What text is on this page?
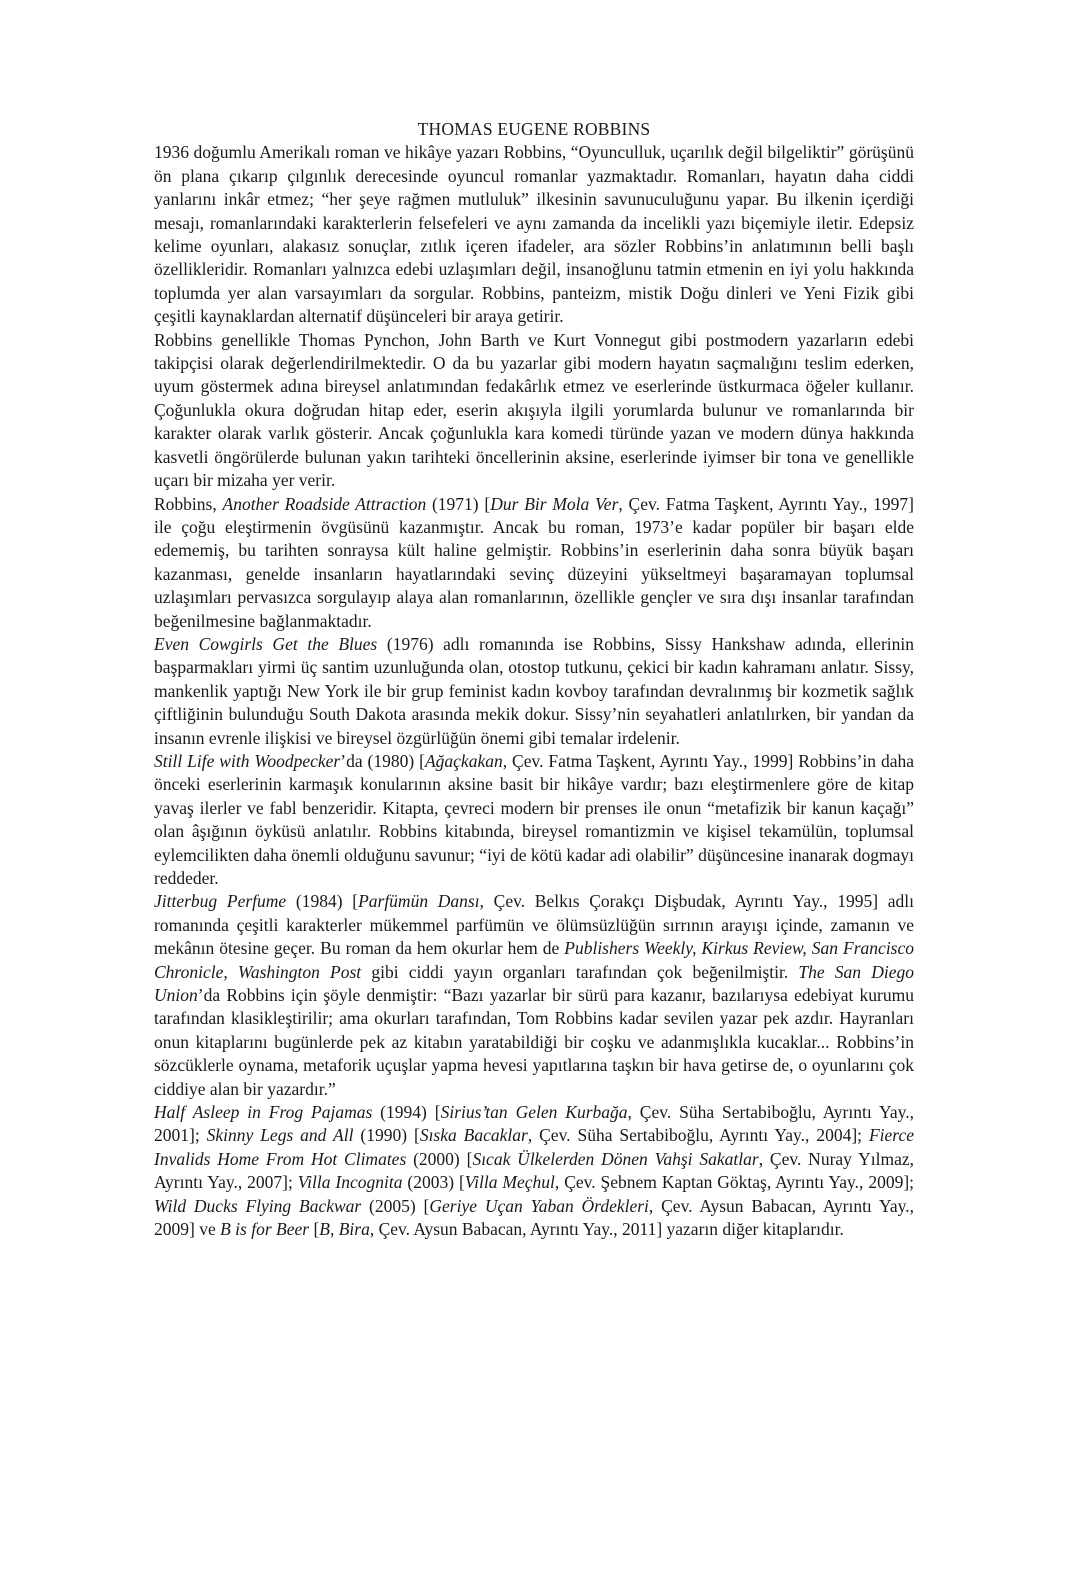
THOMAS EUGENE ROBBINS

1936 doğumlu Amerikalı roman ve hikâye yazarı Robbins, “Oyunculluk, uçarılık değil bilgeliktir” görüşünü ön plana çıkarıp çılgınlık derecesinde oyuncul romanlar yazmaktadır. Romanları, hayatın daha ciddi yanlarını inkâr etmez; “her şeye rağmen mutluluk” ilkesinin savunuculuğunu yapar. Bu ilkenin içerdiği mesajı, romanlarındaki karakterlerin felsefeleri ve aynı zamanda da incelikli yazı biçemiyle iletir. Edepsiz kelime oyunları, alakasız sonuçlar, zıtlık içeren ifadeler, ara sözler Robbins’in anlatımının belli başlı özellikleridir. Romanları yalnızca edebi uzlaşımları değil, insanoğlunu tatmin etmenin en iyi yolu hakkında toplumda yer alan varsayımları da sorgular. Robbins, panteizm, mistik Doğu dinleri ve Yeni Fizik gibi çeşitli kaynaklardan alternatif düşünceleri bir araya getirir.

Robbins genellikle Thomas Pynchon, John Barth ve Kurt Vonnegut gibi postmodern yazarların edebi takipçisi olarak değerlendirilmektedir. O da bu yazarlar gibi modern hayatın saçmalığını teslim ederken, uyum göstermek adına bireysel anlatımından fedakârlık etmez ve eserlerinde üstkurmaca öğeler kullanır. Çoğunlukla okura doğrudan hitap eder, eserin akışıyla ilgili yorumlarda bulunur ve romanlarında bir karakter olarak varlık gösterir. Ancak çoğunlukla kara komedi türünde yazan ve modern dünya hakkında kasvetli öngörülerde bulunan yakın tarihteki öncellerinin aksine, eserlerinde iyimser bir tona ve genellikle uçarı bir mizaha yer verir.

Robbins, Another Roadside Attraction (1971) [Dur Bir Mola Ver, Çev. Fatma Taşkent, Ayrıntı Yay., 1997] ile çoğu eleştirmenin övgüsünü kazanmıştır. Ancak bu roman, 1973’e kadar popüler bir başarı elde edememiş, bu tarihten sonraysa kült haline gelmiştir. Robbins’in eserlerinin daha sonra büyük başarı kazanması, genelde insanların hayatlarındaki sevinç düzeyini yükseltmeyi başaramayan toplumsal uzlaşımları pervasızca sorgulayıp alaya alan romanlarının, özellikle gençler ve sıra dışı insanlar tarafından beğenilmesine bağlanmaktadır.

Even Cowgirls Get the Blues (1976) adlı romanında ise Robbins, Sissy Hankshaw adında, ellerinin başparmakları yirmi üç santim uzunluğunda olan, otostop tutkunu, çekici bir kadın kahramanı anlatır. Sissy, mankenlik yaptığı New York ile bir grup feminist kadın kovboy tarafından devralınmış bir kozmetik sağlık çiftliğinin bulunduğu South Dakota arasında mekik dokur. Sissy’nin seyahatleri anlatılırken, bir yandan da insanın evrenle ilişkisi ve bireysel özgürlüğün önemi gibi temalar irdelenir.

Still Life with Woodpecker’da (1980) [Ağaçkakan, Çev. Fatma Taşkent, Ayrıntı Yay., 1999] Robbins’in daha önceki eserlerinin karmaşık konularının aksine basit bir hikâye vardır; bazı eleştirmenlere göre de kitap yavaş ilerler ve fabl benzeridir. Kitapta, çevreci modern bir prenses ile onun “metafizik bir kanun kaçağı” olan âşığının öyküsü anlatılır. Robbins kitabında, bireysel romantizmin ve kişisel tekamülün, toplumsal eylemcilikten daha önemli olduğunu savunur; “iyi de kötü kadar adi olabilir” düşüncesine inanarak dogmayı reddeder.

Jitterbug Perfume (1984) [Parfümün Dansı, Çev. Belkıs Çorakçı Dişbudak, Ayrıntı Yay., 1995] adlı romanında çeşitli karakterler mükemmel parfümün ve ölümsüzlüğün sırrının arayışı içinde, zamanın ve mekânın ötesine geçer. Bu roman da hem okurlar hem de Publishers Weekly, Kirkus Review, San Francisco Chronicle, Washington Post gibi ciddi yayın organları tarafından çok beğenilmiştir. The San Diego Union’da Robbins için şöyle denmiştir: “Bazı yazarlar bir sürü para kazanır, bazılarıysa edebiyat kurumu tarafından klasikleştirilir; ama okurları tarafından, Tom Robbins kadar sevilen yazar pek azdır. Hayranları onun kitaplarını bugünlerde pek az kitabın yaratabildiği bir coşku ve adanmışlıkla kucaklar... Robbins’in sözcüklerle oynama, metaforik uçuşlar yapma hevesi yapıtlarına taşkın bir hava getirse de, o oyunlarını çok ciddiye alan bir yazardır.”

Half Asleep in Frog Pajamas (1994) [Sirius’tan Gelen Kurbağa, Çev. Süha Sertabiboğlu, Ayrıntı Yay., 2001]; Skinny Legs and All (1990) [Sıska Bacaklar, Çev. Süha Sertabiboğlu, Ayrıntı Yay., 2004]; Fierce Invalids Home From Hot Climates (2000) [Sıcak Ülkelerden Dönen Vahşi Sakatlar, Çev. Nuray Yılmaz, Ayrıntı Yay., 2007]; Villa Incognita (2003) [Villa Meçhul, Çev. Şebnem Kaptan Göktaş, Ayrıntı Yay., 2009]; Wild Ducks Flying Backwar (2005) [Geriye Uçan Yaban Ördekleri, Çev. Aysun Babacan, Ayrıntı Yay., 2009] ve B is for Beer [B, Bira, Çev. Aysun Babacan, Ayrıntı Yay., 2011] yazarın diğer kitaplarıdır.
